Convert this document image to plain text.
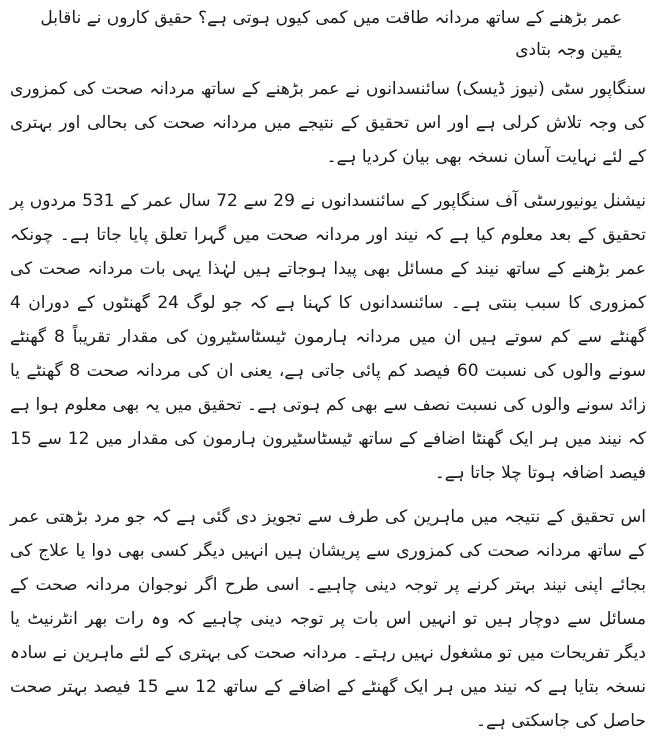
عمر بڑھنے کے ساتھ مردانہ طاقت میں کمی کیوں ہوتی ہے؟ حقیق کاروں نے ناقابل یقین وجہ بتادی

سنگاپور سٹی (نیوز ڈیسک) سائنسدانوں نے عمر بڑھنے کے ساتھ مردانہ صحت کی کمزوری کی وجہ تلاش کرلی ہے اور اس تحقیق کے نتیجے میں مردانہ صحت کی بحالی اور بہتری کے لئے نہایت آسان نسخہ بھی بیان کردیا ہے۔

نیشنل یونیورسٹی آف سنگاپور کے سائنسدانوں نے 29 سے 72 سال عمر کے 531 مردوں پر تحقیق کے بعد معلوم کیا ہے کہ نیند اور مردانہ صحت میں گہرا تعلق پایا جاتا ہے۔ چونکہ عمر بڑھنے کے ساتھ نیند کے مسائل بھی پیدا ہوجاتے ہیں لہٰذا یہی بات مردانہ صحت کی کمزوری کا سبب بنتی ہے۔ سائنسدانوں کا کہنا ہے کہ جو لوگ 24 گھنٹوں کے دوران 4 گھنٹے سے کم سوتے ہیں ان میں مردانہ ہارمون ٹیسٹاسٹیرون کی مقدار تقریباً 8 گھنٹے سونے والوں کی نسبت 60 فیصد کم پائی جاتی ہے، یعنی ان کی مردانہ صحت 8 گھنٹے یا زائد سونے والوں کی نسبت نصف سے بھی کم ہوتی ہے۔ تحقیق میں یہ بھی معلوم ہوا ہے کہ نیند میں ہر ایک گھنٹا اضافے کے ساتھ ٹیسٹاسٹیرون ہارمون کی مقدار میں 12 سے 15 فیصد اضافہ ہوتا چلا جاتا ہے۔

اس تحقیق کے نتیجہ میں ماہرین کی طرف سے تجویز دی گئی ہے کہ جو مرد بڑھتی عمر کے ساتھ مردانہ صحت کی کمزوری سے پریشان ہیں انہیں دیگر کسی بھی دوا یا علاج کی بجائے اپنی نیند بہتر کرنے پر توجہ دینی چاہیے۔ اسی طرح اگر نوجوان مردانہ صحت کے مسائل سے دوچار ہیں تو انہیں اس بات پر توجہ دینی چاہیے کہ وہ رات بھر انٹرنیٹ یا دیگر تفریحات میں تو مشغول نہیں رہتے۔ مردانہ صحت کی بہتری کے لئے ماہرین نے سادہ نسخہ بتایا ہے کہ نیند میں ہر ایک گھنٹے کے اضافے کے ساتھ 12 سے 15 فیصد بہتر صحت حاصل کی جاسکتی ہے۔
